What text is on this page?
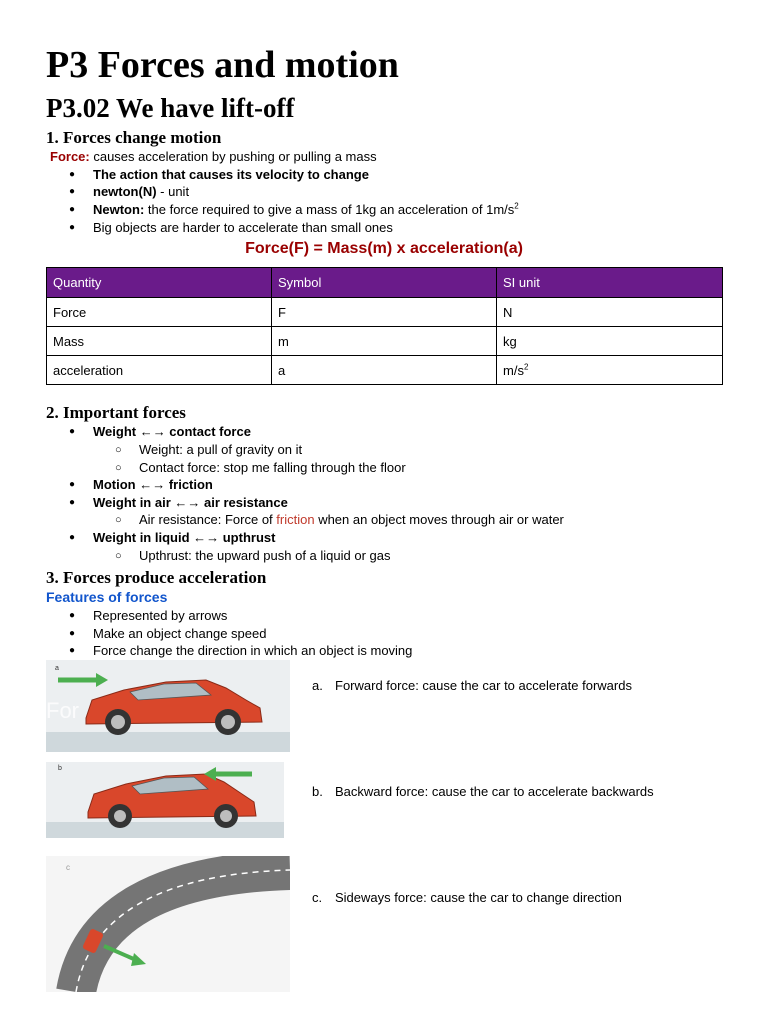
P3 Forces and motion
P3.02 We have lift-off
1. Forces change motion
Force: causes acceleration by pushing or pulling a mass
● The action that causes its velocity to change
● newton(N) - unit
● Newton: the force required to give a mass of 1kg an acceleration of $1m/s^2$
● Big objects are harder to accelerate than small ones
Force(F) = Mass(m) x acceleration(a)
Quantity	Symbol	SI unit
Force	F	N
Mass	m	kg
acceleration	a	$m/s^2$
2. Important forces
● Weight ←→ contact force
○ Weight: a pull of gravity on it
○ Contact force: stop me falling through the floor
● Motion ←→ friction
● Weight in air ←→ air resistance
○ Air resistance: Force of friction when an object moves through air or water
● Weight in liquid ←→ upthrust
○ Upthrust: the upward push of a liquid or gas
3. Forces produce acceleration
Features of forces
● Represented by arrows
● Make an object change speed
● Force change the direction in which an object is moving
For
a
b
c
a. Forward force: cause the car to accelerate forwards
b. Backward force: cause the car to accelerate backwards
c. Sideways force: cause the car to change direction
